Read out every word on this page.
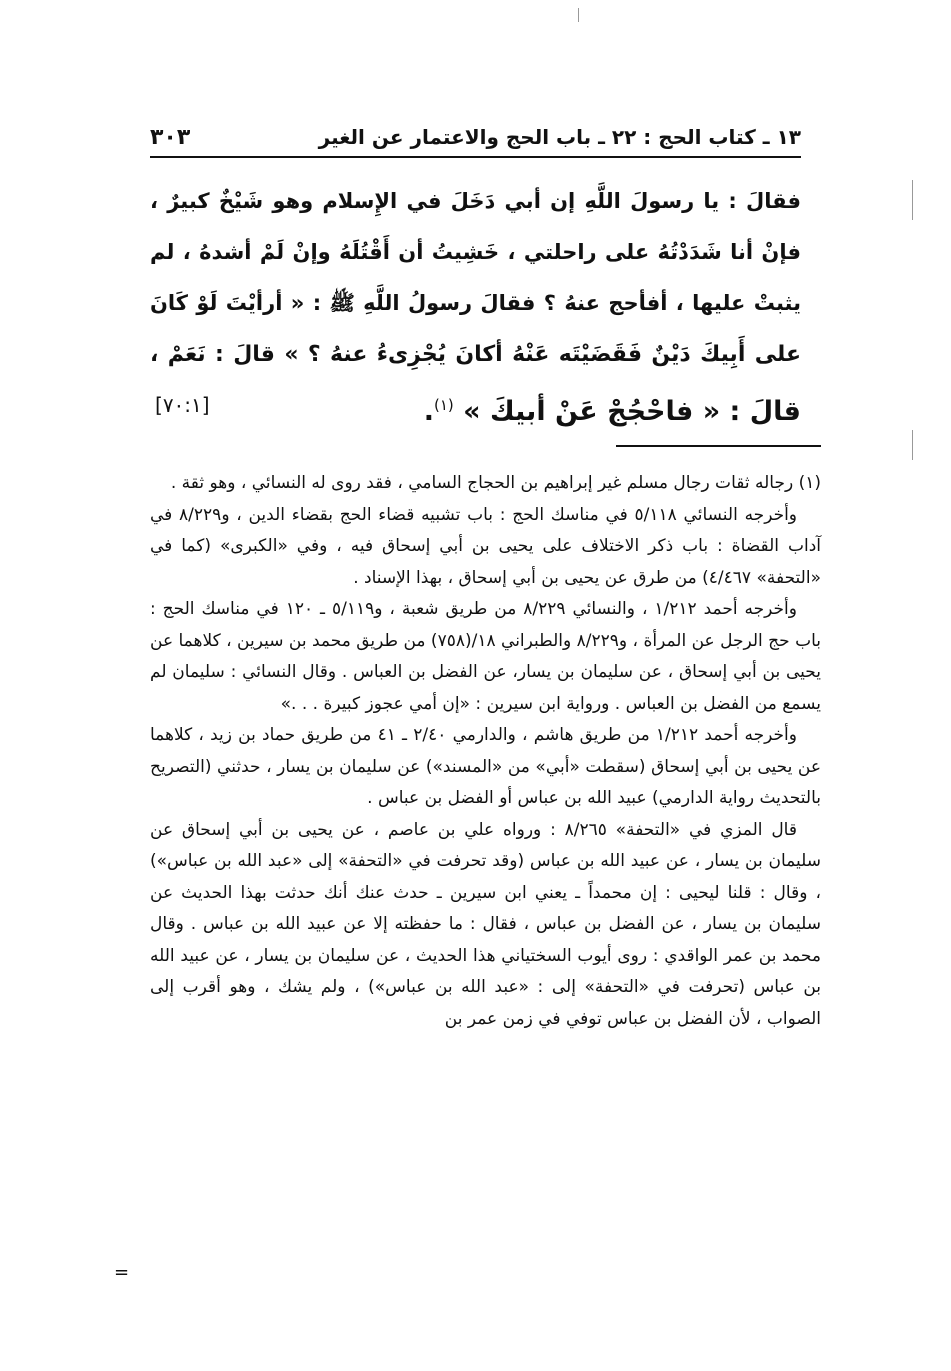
١٣ ـ كتاب الحج : ٢٢ ـ باب الحج والاعتمار عن الغير
٣٠٣
فقالَ : يا رسولَ اللَّهِ إن أبي دَخَلَ في الإِسلام وهو شَيْخٌ كبيرٌ ،
فإنْ أنا شَدَدْتُهُ على راحلتي ، خَشِيتُ أن أَقْتُلَهُ وإنْ لَمْ أشدهُ ، لم
يثبتْ عليها ، أفأحج عنهُ ؟ فقالَ رسولُ اللَّهِ ﷺ : « أرأيْتَ لَوْ كَانَ
على أَبِيكَ دَيْنٌ فَقَضَيْتَه عَنْهُ أكانَ يُجْزِىءُ عنهُ ؟ » قالَ : نَعَمْ ،
قالَ : « فاحْجُجْ عَنْ أبيكَ » $^{(١)}$.
[٧٠:١]

(١) رجاله ثقات رجال مسلم غير إبراهيم بن الحجاج السامي ، فقد روى له النسائي ، وهو ثقة .

وأخرجه النسائي ٥/١١٨ في مناسك الحج : باب تشبيه قضاء الحج بقضاء الدين ، و٨/٢٢٩ في آداب القضاة : باب ذكر الاختلاف على يحيى بن أبي إسحاق فيه ، وفي «الكبرى» (كما في «التحفة» ٤/٤٦٧) من طرق عن يحيى بن أبي إسحاق ، بهذا الإسناد .

وأخرجه أحمد ١/٢١٢ ، والنسائي ٨/٢٢٩ من طريق شعبة ، و٥/١١٩ ـ ١٢٠ في مناسك الحج : باب حج الرجل عن المرأة ، و٨/٢٢٩ والطبراني ١٨/(٧٥٨) من طريق محمد بن سيرين ، كلاهما عن يحيى بن أبي إسحاق ، عن سليمان بن يسار، عن الفضل بن العباس . وقال النسائي : سليمان لم يسمع من الفضل بن العباس . ورواية ابن سيرين : «إن أمي عجوز كبيرة . . .»

وأخرجه أحمد ١/٢١٢ من طريق هاشم ، والدارمي ٢/٤٠ ـ ٤١ من طريق حماد بن زيد ، كلاهما عن يحيى بن أبي إسحاق (سقطت «أبي» من «المسند») عن سليمان بن يسار ، حدثني (التصريح بالتحديث رواية الدارمي) عبيد الله بن عباس أو الفضل بن عباس .

قال المزي في «التحفة» ٨/٢٦٥ : ورواه علي بن عاصم ، عن يحيى بن أبي إسحاق عن سليمان بن يسار ، عن عبيد الله بن عباس (وقد تحرفت في «التحفة» إلى «عبد الله بن عباس») ، وقال : قلنا ليحيى : إن محمداً ـ يعني ابن سيرين ـ حدث عنك أنك حدثت بهذا الحديث عن سليمان بن يسار ، عن الفضل بن عباس ، فقال : ما حفظته إلا عن عبيد الله بن عباس . وقال محمد بن عمر الواقدي : روى أيوب السختياني هذا الحديث ، عن سليمان بن يسار ، عن عبيد الله بن عباس (تحرفت في «التحفة» إلى : «عبد الله بن عباس») ، ولم يشك ، وهو أقرب إلى الصواب ، لأن الفضل بن عباس توفي في زمن عمر بن

=
